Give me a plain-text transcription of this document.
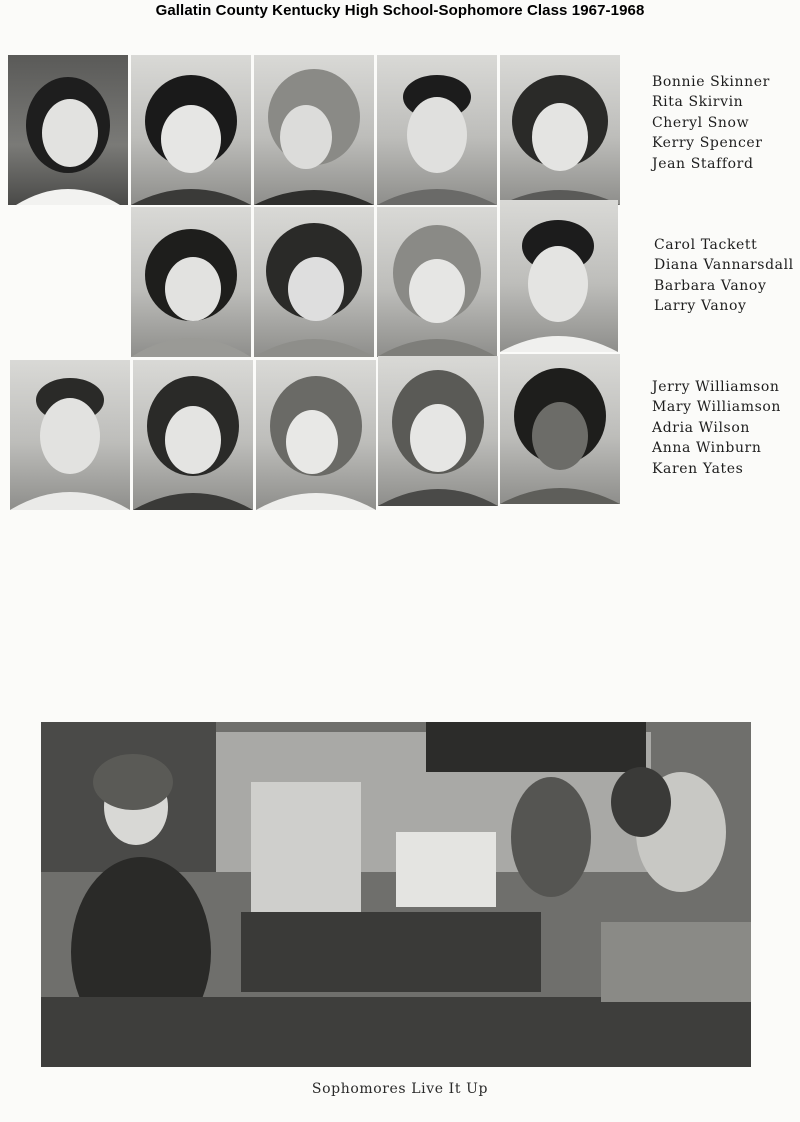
Gallatin County Kentucky High School-Sophomore Class 1967-1968
Bonnie Skinner
Rita Skirvin
Cheryl Snow
Kerry Spencer
Jean Stafford
Carol Tackett
Diana Vannarsdall
Barbara Vanoy
Larry Vanoy
Jerry Williamson
Mary Williamson
Adria Wilson
Anna Winburn
Karen Yates
Sophomores Live It Up
